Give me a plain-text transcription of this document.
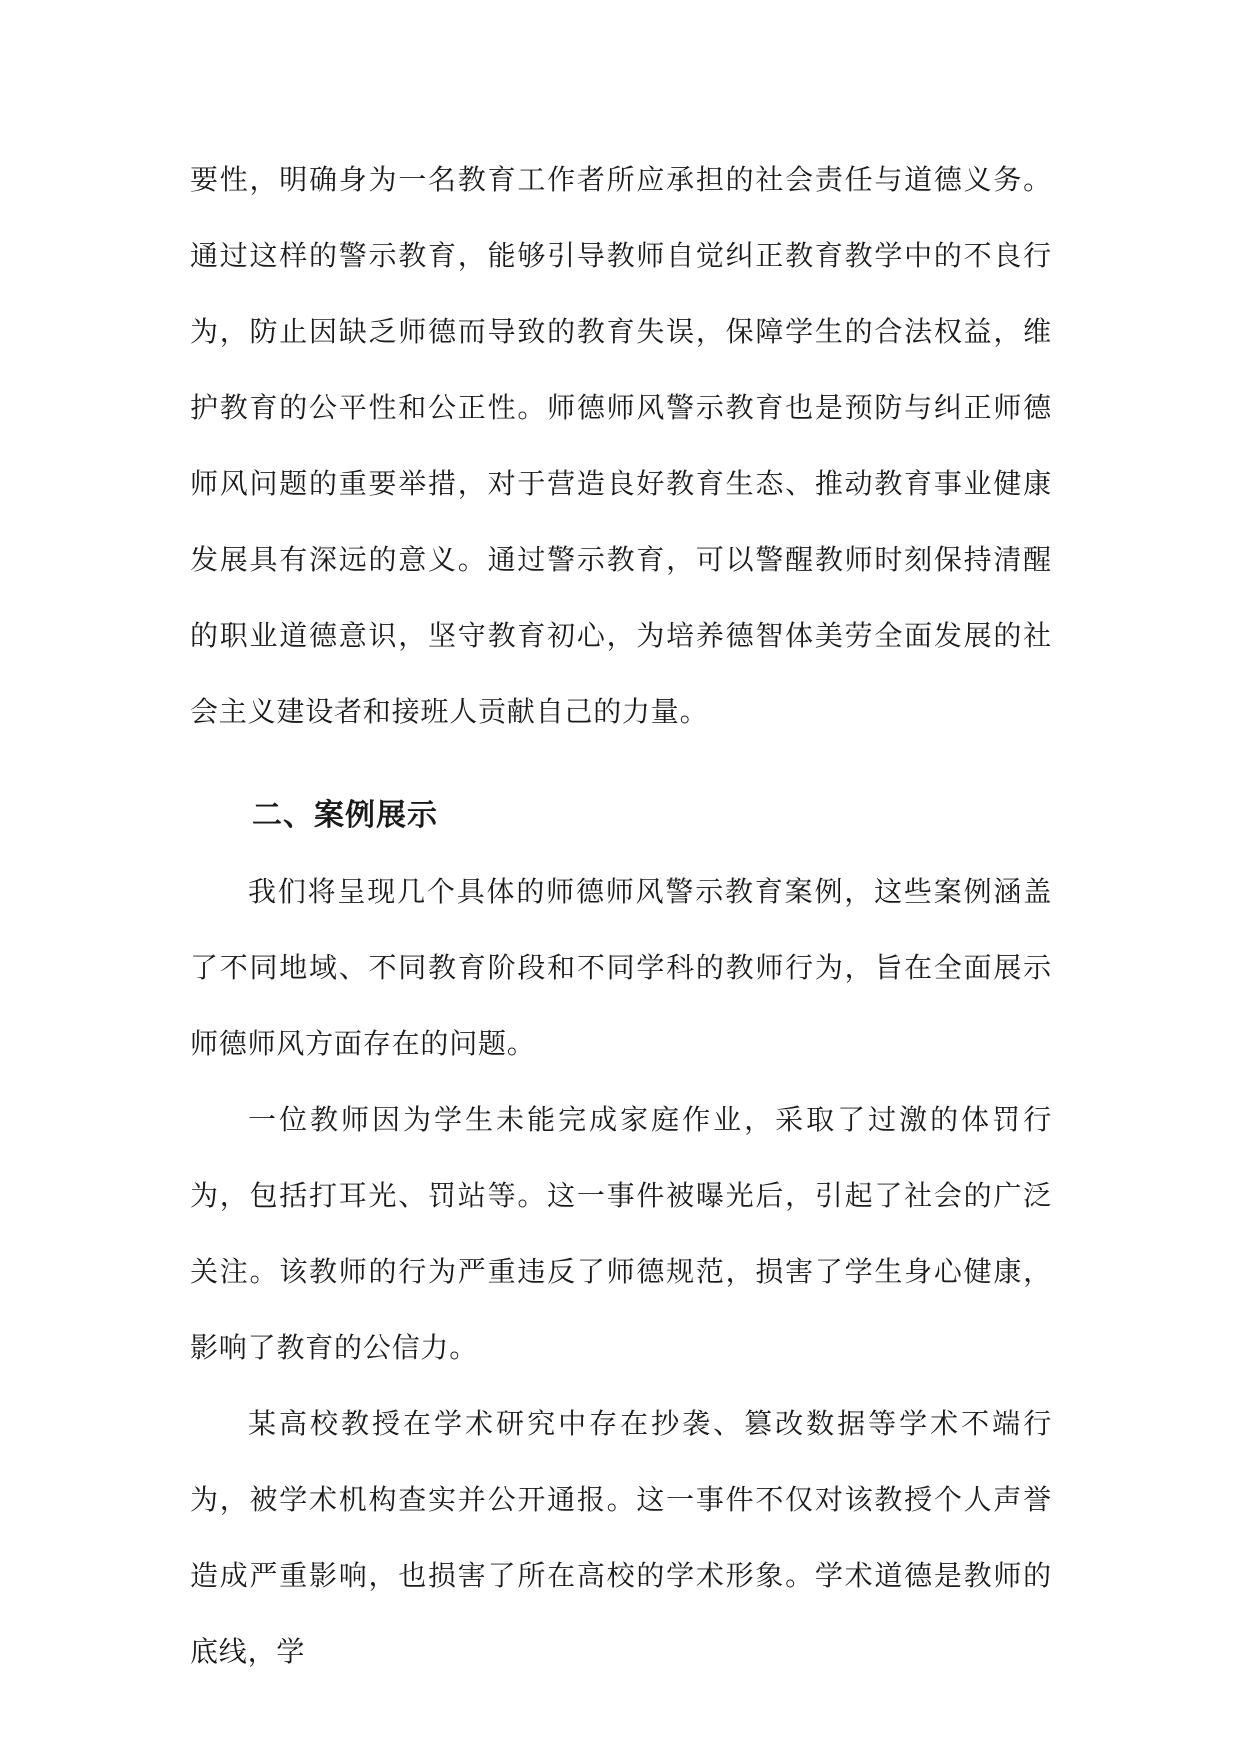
要性，明确身为一名教育工作者所应承担的社会责任与道德义务。通过这样的警示教育，能够引导教师自觉纠正教育教学中的不良行为，防止因缺乏师德而导致的教育失误，保障学生的合法权益，维护教育的公平性和公正性。师德师风警示教育也是预防与纠正师德师风问题的重要举措，对于营造良好教育生态、推动教育事业健康发展具有深远的意义。通过警示教育，可以警醒教师时刻保持清醒的职业道德意识，坚守教育初心，为培养德智体美劳全面发展的社会主义建设者和接班人贡献自己的力量。

二、案例展示

我们将呈现几个具体的师德师风警示教育案例，这些案例涵盖了不同地域、不同教育阶段和不同学科的教师行为，旨在全面展示师德师风方面存在的问题。

一位教师因为学生未能完成家庭作业，采取了过激的体罚行为，包括打耳光、罚站等。这一事件被曝光后，引起了社会的广泛关注。该教师的行为严重违反了师德规范，损害了学生身心健康，影响了教育的公信力。

某高校教授在学术研究中存在抄袭、篡改数据等学术不端行为，被学术机构查实并公开通报。这一事件不仅对该教授个人声誉造成严重影响，也损害了所在高校的学术形象。学术道德是教师的底线，学
